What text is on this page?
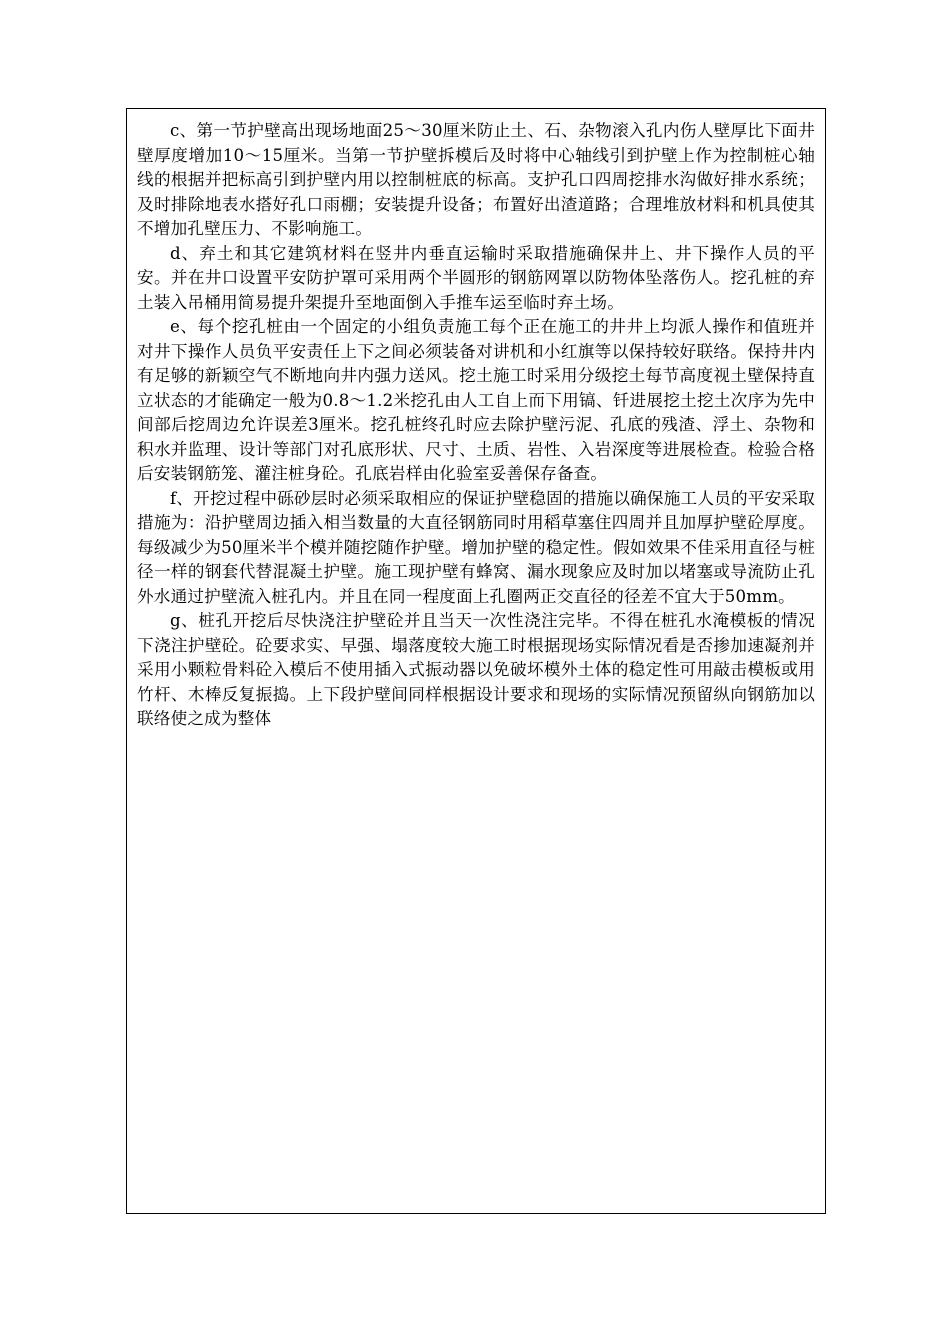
c、第一节护壁高出现场地面25～30厘米防止土、石、杂物滚入孔内伤人壁厚比下面井壁厚度增加10～15厘米。当第一节护壁拆模后及时将中心轴线引到护壁上作为控制桩心轴线的根据并把标高引到护壁内用以控制桩底的标高。支护孔口四周挖排水沟做好排水系统；及时排除地表水搭好孔口雨棚；安装提升设备；布置好出渣道路；合理堆放材料和机具使其不增加孔壁压力、不影响施工。

d、弃土和其它建筑材料在竖井内垂直运输时采取措施确保井上、井下操作人员的平安。并在井口设置平安防护罩可采用两个半圆形的钢筋网罩以防物体坠落伤人。挖孔桩的弃土装入吊桶用简易提升架提升至地面倒入手推车运至临时弃土场。

e、每个挖孔桩由一个固定的小组负责施工每个正在施工的井井上均派人操作和值班并对井下操作人员负平安责任上下之间必须装备对讲机和小红旗等以保持较好联络。保持井内有足够的新颖空气不断地向井内强力送风。挖土施工时采用分级挖土每节高度视土壁保持直立状态的才能确定一般为0.8～1.2米挖孔由人工自上而下用镐、钎进展挖土挖土次序为先中间部后挖周边允许误差3厘米。挖孔桩终孔时应去除护壁污泥、孔底的残渣、浮土、杂物和积水并监理、设计等部门对孔底形状、尺寸、土质、岩性、入岩深度等进展检查。检验合格后安装钢筋笼、灌注桩身砼。孔底岩样由化验室妥善保存备查。

f、开挖过程中砾砂层时必须采取相应的保证护壁稳固的措施以确保施工人员的平安采取措施为：沿护壁周边插入相当数量的大直径钢筋同时用稻草塞住四周并且加厚护壁砼厚度。每级减少为50厘米半个模并随挖随作护壁。增加护壁的稳定性。假如效果不佳采用直径与桩径一样的钢套代替混凝土护壁。施工现护壁有蜂窝、漏水现象应及时加以堵塞或导流防止孔外水通过护壁流入桩孔内。并且在同一程度面上孔圈两正交直径的径差不宜大于50mm。

g、桩孔开挖后尽快浇注护壁砼并且当天一次性浇注完毕。不得在桩孔水淹模板的情况下浇注护壁砼。砼要求实、早强、塌落度较大施工时根据现场实际情况看是否掺加速凝剂并采用小颗粒骨料砼入模后不使用插入式振动器以免破坏模外土体的稳定性可用敲击模板或用竹杆、木棒反复振捣。上下段护壁间同样根据设计要求和现场的实际情况预留纵向钢筋加以联络使之成为整体
